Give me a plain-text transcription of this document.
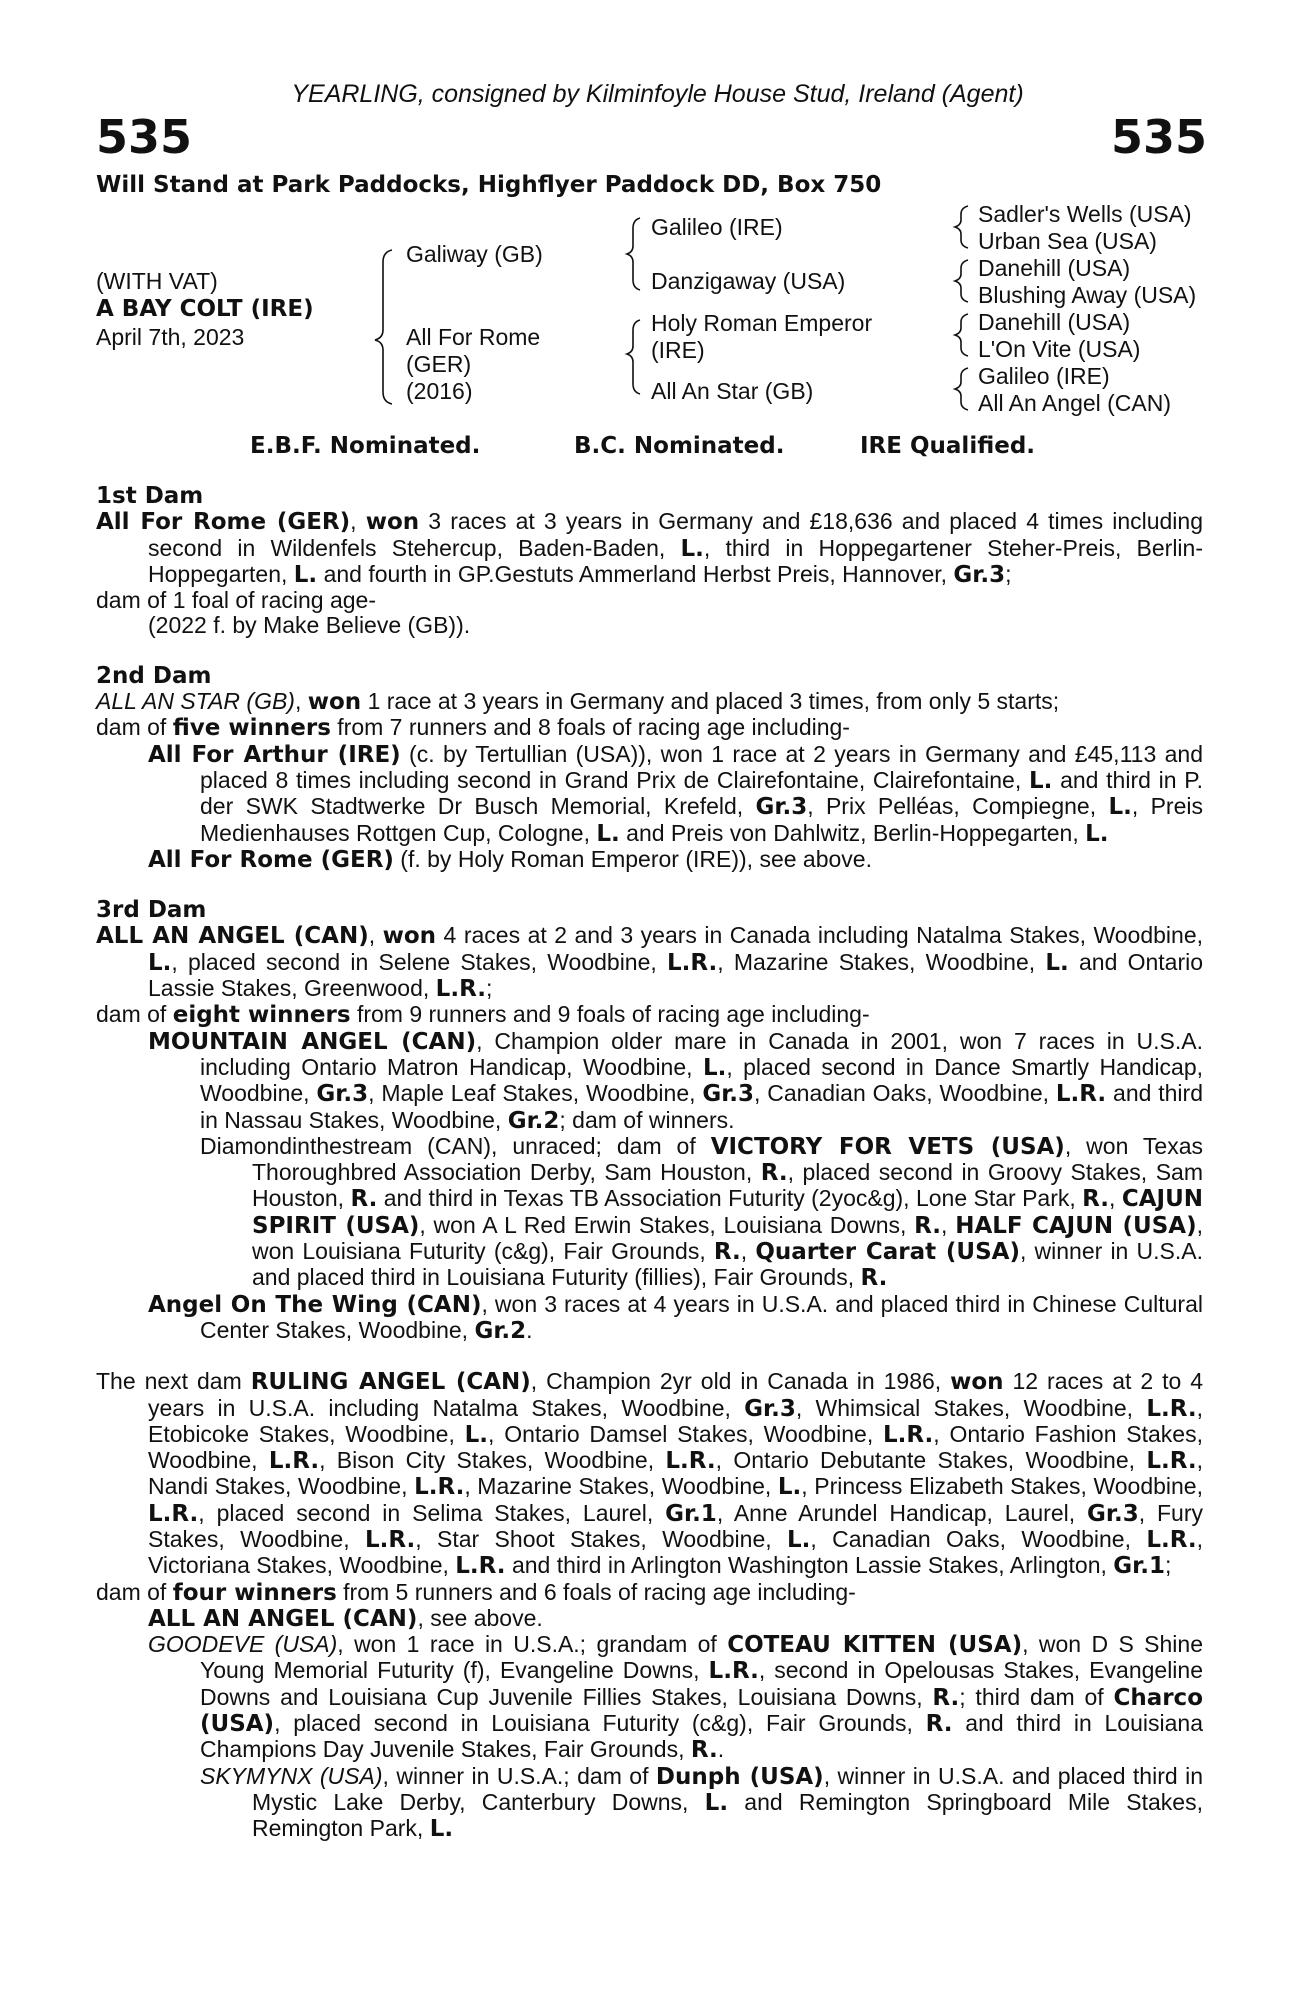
YEARLING, consigned by Kilminfoyle House Stud, Ireland (Agent)
535	535
Will Stand at Park Paddocks, Highflyer Paddock DD, Box 750
(WITH VAT)
A BAY COLT (IRE)
April 7th, 2023
Galiway (GB)
All For Rome
(GER)
(2016)
Galileo (IRE)
Danzigaway (USA)
Holy Roman Emperor
(IRE)
All An Star (GB)
Sadler's Wells (USA)
Urban Sea (USA)
Danehill (USA)
Blushing Away (USA)
Danehill (USA)
L'On Vite (USA)
Galileo (IRE)
All An Angel (CAN)
E.B.F. Nominated.	B.C. Nominated.	IRE Qualified.
1st Dam

All For Rome (GER), won 3 races at 3 years in Germany and £18,636 and placed 4 times including second in Wildenfels Stehercup, Baden-Baden, L., third in Hoppegartener Steher-Preis, Berlin-Hoppegarten, L. and fourth in GP.Gestuts Ammerland Herbst Preis, Hannover, Gr.3;

dam of 1 foal of racing age-

(2022 f. by Make Believe (GB)).

2nd Dam

ALL AN STAR (GB), won 1 race at 3 years in Germany and placed 3 times, from only 5 starts;

dam of five winners from 7 runners and 8 foals of racing age including-

All For Arthur (IRE) (c. by Tertullian (USA)), won 1 race at 2 years in Germany and £45,113 and placed 8 times including second in Grand Prix de Clairefontaine, Clairefontaine, L. and third in P. der SWK Stadtwerke Dr Busch Memorial, Krefeld, Gr.3, Prix Pelléas, Compiegne, L., Preis Medienhauses Rottgen Cup, Cologne, L. and Preis von Dahlwitz, Berlin-Hoppegarten, L.

All For Rome (GER) (f. by Holy Roman Emperor (IRE)), see above.

3rd Dam

ALL AN ANGEL (CAN), won 4 races at 2 and 3 years in Canada including Natalma Stakes, Woodbine, L., placed second in Selene Stakes, Woodbine, L.R., Mazarine Stakes, Woodbine, L. and Ontario Lassie Stakes, Greenwood, L.R.;

dam of eight winners from 9 runners and 9 foals of racing age including-

MOUNTAIN ANGEL (CAN), Champion older mare in Canada in 2001, won 7 races in U.S.A. including Ontario Matron Handicap, Woodbine, L., placed second in Dance Smartly Handicap, Woodbine, Gr.3, Maple Leaf Stakes, Woodbine, Gr.3, Canadian Oaks, Woodbine, L.R. and third in Nassau Stakes, Woodbine, Gr.2; dam of winners.

Diamondinthestream (CAN), unraced; dam of VICTORY FOR VETS (USA), won Texas Thoroughbred Association Derby, Sam Houston, R., placed second in Groovy Stakes, Sam Houston, R. and third in Texas TB Association Futurity (2yoc&g), Lone Star Park, R., CAJUN SPIRIT (USA), won A L Red Erwin Stakes, Louisiana Downs, R., HALF CAJUN (USA), won Louisiana Futurity (c&g), Fair Grounds, R., Quarter Carat (USA), winner in U.S.A. and placed third in Louisiana Futurity (fillies), Fair Grounds, R.

Angel On The Wing (CAN), won 3 races at 4 years in U.S.A. and placed third in Chinese Cultural Center Stakes, Woodbine, Gr.2.

The next dam RULING ANGEL (CAN), Champion 2yr old in Canada in 1986, won 12 races at 2 to 4 years in U.S.A. including Natalma Stakes, Woodbine, Gr.3, Whimsical Stakes, Woodbine, L.R., Etobicoke Stakes, Woodbine, L., Ontario Damsel Stakes, Woodbine, L.R., Ontario Fashion Stakes, Woodbine, L.R., Bison City Stakes, Woodbine, L.R., Ontario Debutante Stakes, Woodbine, L.R., Nandi Stakes, Woodbine, L.R., Mazarine Stakes, Woodbine, L., Princess Elizabeth Stakes, Woodbine, L.R., placed second in Selima Stakes, Laurel, Gr.1, Anne Arundel Handicap, Laurel, Gr.3, Fury Stakes, Woodbine, L.R., Star Shoot Stakes, Woodbine, L., Canadian Oaks, Woodbine, L.R., Victoriana Stakes, Woodbine, L.R. and third in Arlington Washington Lassie Stakes, Arlington, Gr.1;

dam of four winners from 5 runners and 6 foals of racing age including-

ALL AN ANGEL (CAN), see above.

GOODEVE (USA), won 1 race in U.S.A.; grandam of COTEAU KITTEN (USA), won D S Shine Young Memorial Futurity (f), Evangeline Downs, L.R., second in Opelousas Stakes, Evangeline Downs and Louisiana Cup Juvenile Fillies Stakes, Louisiana Downs, R.; third dam of Charco (USA), placed second in Louisiana Futurity (c&g), Fair Grounds, R. and third in Louisiana Champions Day Juvenile Stakes, Fair Grounds, R..

SKYMYNX (USA), winner in U.S.A.; dam of Dunph (USA), winner in U.S.A. and placed third in Mystic Lake Derby, Canterbury Downs, L. and Remington Springboard Mile Stakes, Remington Park, L.
